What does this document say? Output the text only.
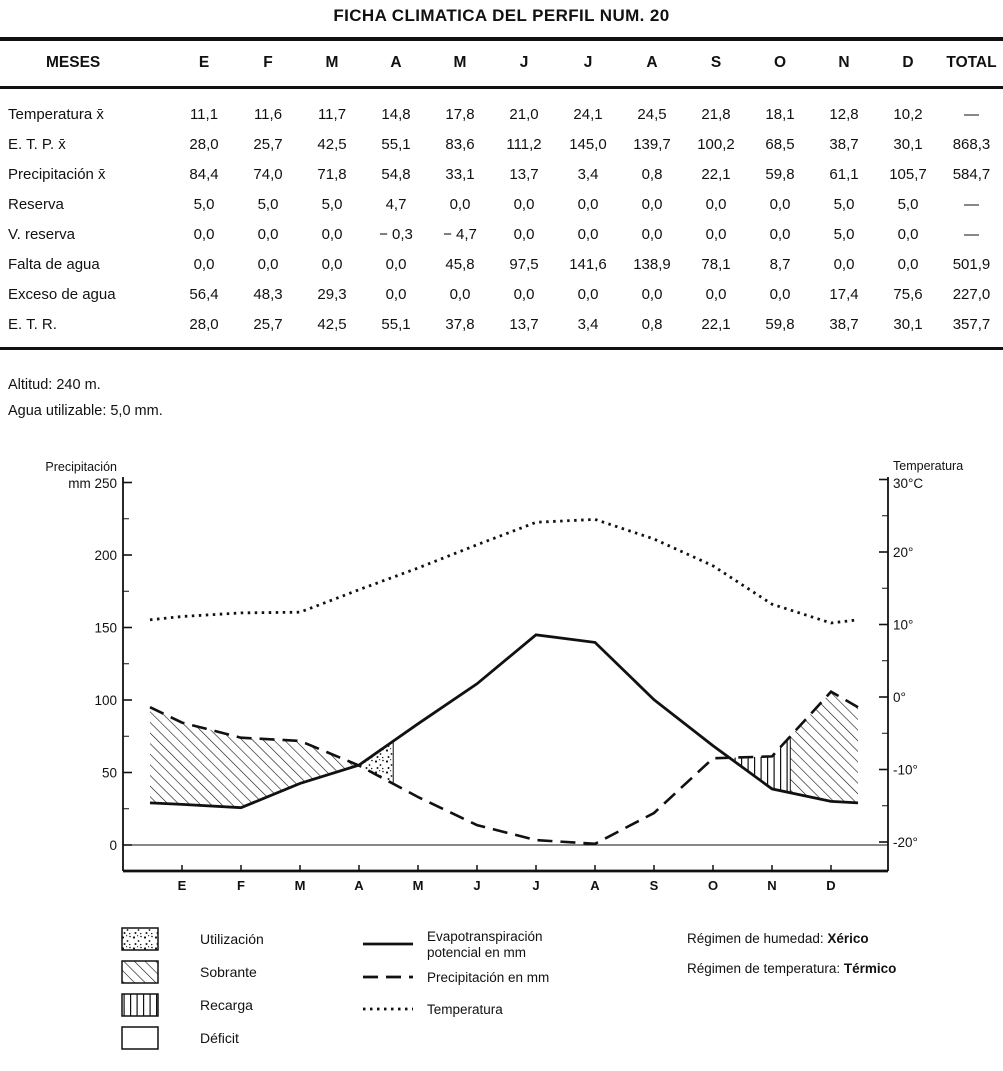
FICHA CLIMATICA DEL PERFIL NUM. 20
MESES	E	F	M	A	M	J	J	A	S	O	N	D	TOTAL
Temperatura x̄	11,1	11,6	11,7	14,8	17,8	21,0	24,1	24,5	21,8	18,1	12,8	10,2	—
E. T. P. x̄	28,0	25,7	42,5	55,1	83,6	111,2	145,0	139,7	100,2	68,5	38,7	30,1	868,3
Precipitación x̄	84,4	74,0	71,8	54,8	33,1	13,7	3,4	0,8	22,1	59,8	61,1	105,7	584,7
Reserva	5,0	5,0	5,0	4,7	0,0	0,0	0,0	0,0	0,0	0,0	5,0	5,0	—
V. reserva	0,0	0,0	0,0	− 0,3	− 4,7	0,0	0,0	0,0	0,0	0,0	5,0	0,0	—
Falta de agua	0,0	0,0	0,0	0,0	45,8	97,5	141,6	138,9	78,1	8,7	0,0	0,0	501,9
Exceso de agua	56,4	48,3	29,3	0,0	0,0	0,0	0,0	0,0	0,0	0,0	17,4	75,6	227,0
E. T. R.	28,0	25,7	42,5	55,1	37,8	13,7	3,4	0,8	22,1	59,8	38,7	30,1	357,7
Altitud: 240 m.
Agua utilizable: 5,0 mm.
0
50
100
150
200
Precipitación
mm 250
20°
10°
0°
-10°
-20°
Temperatura
30°C
E	F	M	A	M	J	J	A	S	O	N	D
Utilización
Sobrante
Recarga
Déficit
Evapotranspiración
potencial en mm
Precipitación en mm
Temperatura
Régimen de humedad: Xérico
Régimen de temperatura: Térmico
